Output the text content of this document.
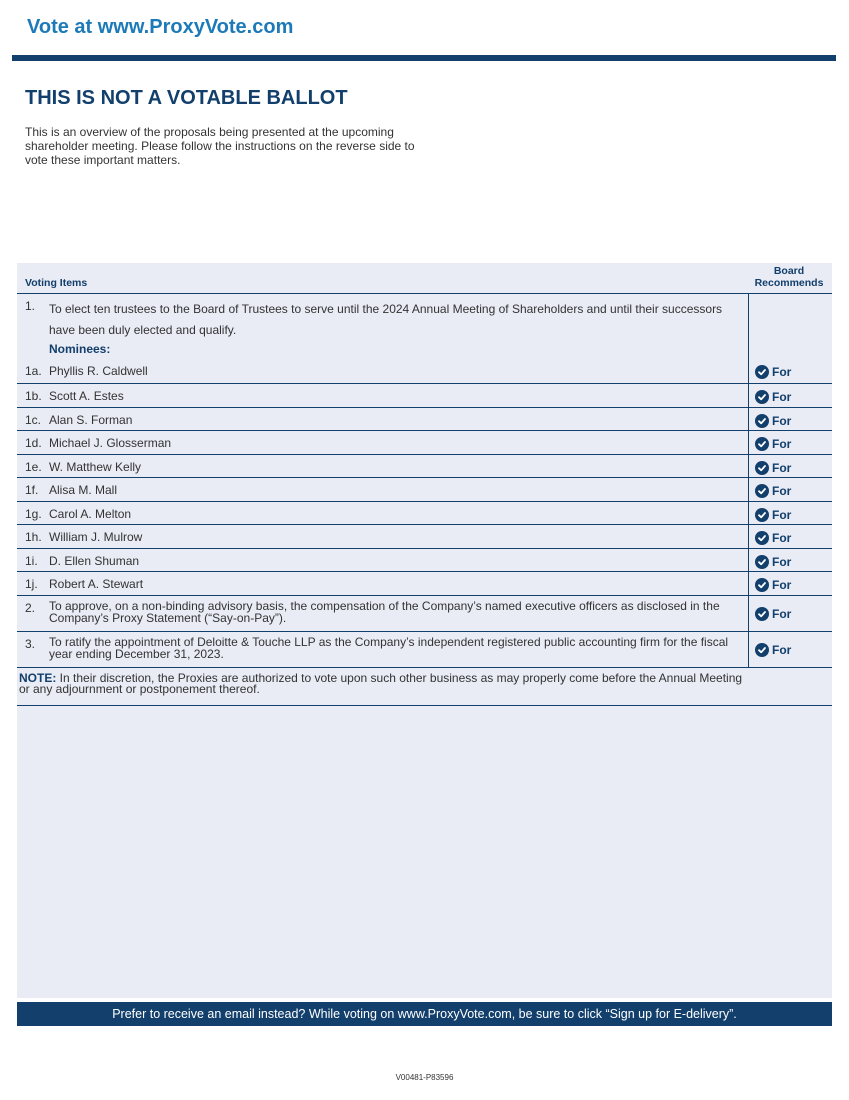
Vote at www.ProxyVote.com
THIS IS NOT A VOTABLE BALLOT
This is an overview of the proposals being presented at the upcoming shareholder meeting. Please follow the instructions on the reverse side to vote these important matters.
Voting Items
Board
Recommends
1. To elect ten trustees to the Board of Trustees to serve until the 2024 Annual Meeting of Shareholders and until their successors have been duly elected and qualify.
Nominees:
1a. Phyllis R. Caldwell	For
1b. Scott A. Estes	For
1c. Alan S. Forman	For
1d. Michael J. Glosserman	For
1e. W. Matthew Kelly	For
1f. Alisa M. Mall	For
1g. Carol A. Melton	For
1h. William J. Mulrow	For
1i. D. Ellen Shuman	For
1j. Robert A. Stewart	For
2. To approve, on a non-binding advisory basis, the compensation of the Company’s named executive officers as disclosed in the Company’s Proxy Statement (“Say-on-Pay”).	For
3. To ratify the appointment of Deloitte & Touche LLP as the Company’s independent registered public accounting firm for the fiscal year ending December 31, 2023.	For
NOTE: In their discretion, the Proxies are authorized to vote upon such other business as may properly come before the Annual Meeting or any adjournment or postponement thereof.
Prefer to receive an email instead? While voting on www.ProxyVote.com, be sure to click “Sign up for E-delivery”.
V00481-P83596
